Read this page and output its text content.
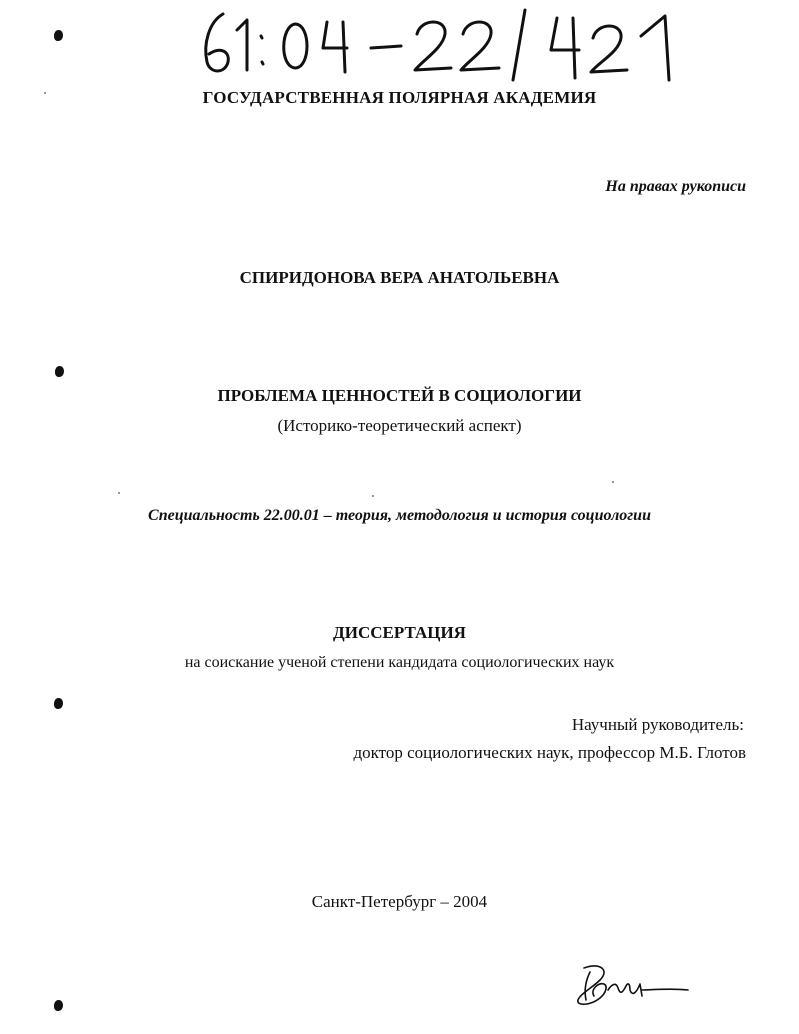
61: 04-22/421
ГОСУДАРСТВЕННАЯ ПОЛЯРНАЯ АКАДЕМИЯ
На правах рукописи
СПИРИДОНОВА ВЕРА АНАТОЛЬЕВНА
ПРОБЛЕМА ЦЕННОСТЕЙ В СОЦИОЛОГИИ
(Историко-теоретический аспект)
Специальность 22.00.01 – теория, методология и история социологии
ДИССЕРТАЦИЯ
на соискание ученой степени кандидата социологических наук
Научный руководитель:
доктор социологических наук, профессор М.Б. Глотов
Санкт-Петербург – 2004
